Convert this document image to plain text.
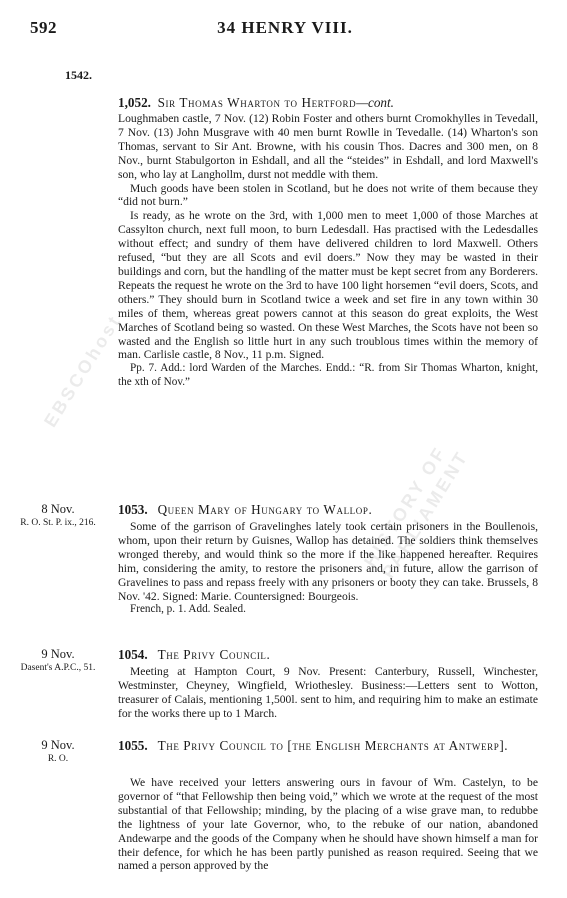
EBSCOhost
HISTORY OF PARLIAMENT
592	34 HENRY VIII.
1542.
1,052. Sir Thomas Wharton to Hertford—cont.

Loughmaben castle, 7 Nov. (12) Robin Foster and others burnt Cromokhylles in Tevedall, 7 Nov. (13) John Musgrave with 40 men burnt Rowlle in Tevedalle. (14) Wharton's son Thomas, servant to Sir Ant. Browne, with his cousin Thos. Dacres and 300 men, on 8 Nov., burnt Stabulgorton in Eshdall, and all the “steides” in Eshdall, and lord Maxwell's son, who lay at Langhollm, durst not meddle with them.

Much goods have been stolen in Scotland, but he does not write of them because they “did not burn.”

Is ready, as he wrote on the 3rd, with 1,000 men to meet 1,000 of those Marches at Cassylton church, next full moon, to burn Ledesdall. Has practised with the Ledesdalles without effect; and sundry of them have delivered children to lord Maxwell. Others refused, “but they are all Scots and evil doers.” Now they may be wasted in their buildings and corn, but the handling of the matter must be kept secret from any Borderers. Repeats the request he wrote on the 3rd to have 100 light horsemen “evil doers, Scots, and others.” They should burn in Scotland twice a week and set fire in any town within 30 miles of them, whereas great powers cannot at this season do great exploits, the West Marches of Scotland being so wasted. On these West Marches, the Scots have not been so wasted and the English so little hurt in any such troublous times within the memory of man. Carlisle castle, 8 Nov., 11 p.m. Signed.

Pp. 7. Add.: lord Warden of the Marches. Endd.: “R. from Sir Thomas Wharton, knight, the xth of Nov.”

8 Nov.
R. O. St. P. ix., 216.
1053. Queen Mary of Hungary to Wallop.

Some of the garrison of Gravelinghes lately took certain prisoners in the Boullenois, whom, upon their return by Guisnes, Wallop has detained. The soldiers think themselves wronged thereby, and would think so the more if the like happened hereafter. Requires him, considering the amity, to restore the prisoners and, in future, allow the garrison of Gravelines to pass and repass freely with any prisoners or booty they can take. Brussels, 8 Nov. '42. Signed: Marie. Countersigned: Bourgeois.

French, p. 1. Add. Sealed.

9 Nov.
Dasent's A.P.C., 51.
1054. The Privy Council.

Meeting at Hampton Court, 9 Nov. Present: Canterbury, Russell, Winchester, Westminster, Cheyney, Wingfield, Wriothesley. Business:—Letters sent to Wotton, treasurer of Calais, mentioning 1,500l. sent to him, and requiring him to make an estimate for the works there up to 1 March.

9 Nov.
R. O.
1055. The Privy Council to [the English Merchants at Antwerp].

We have received your letters answering ours in favour of Wm. Castelyn, to be governor of “that Fellowship then being void,” which we wrote at the request of the most substantial of that Fellowship; minding, by the placing of a wise grave man, to redubbe the lightness of your late Governor, who, to the rebuke of our nation, abandoned Andewarpe and the goods of the Company when he should have shown himself a man for their defence, for which he has been partly punished as reason required. Seeing that we named a person approved by the
